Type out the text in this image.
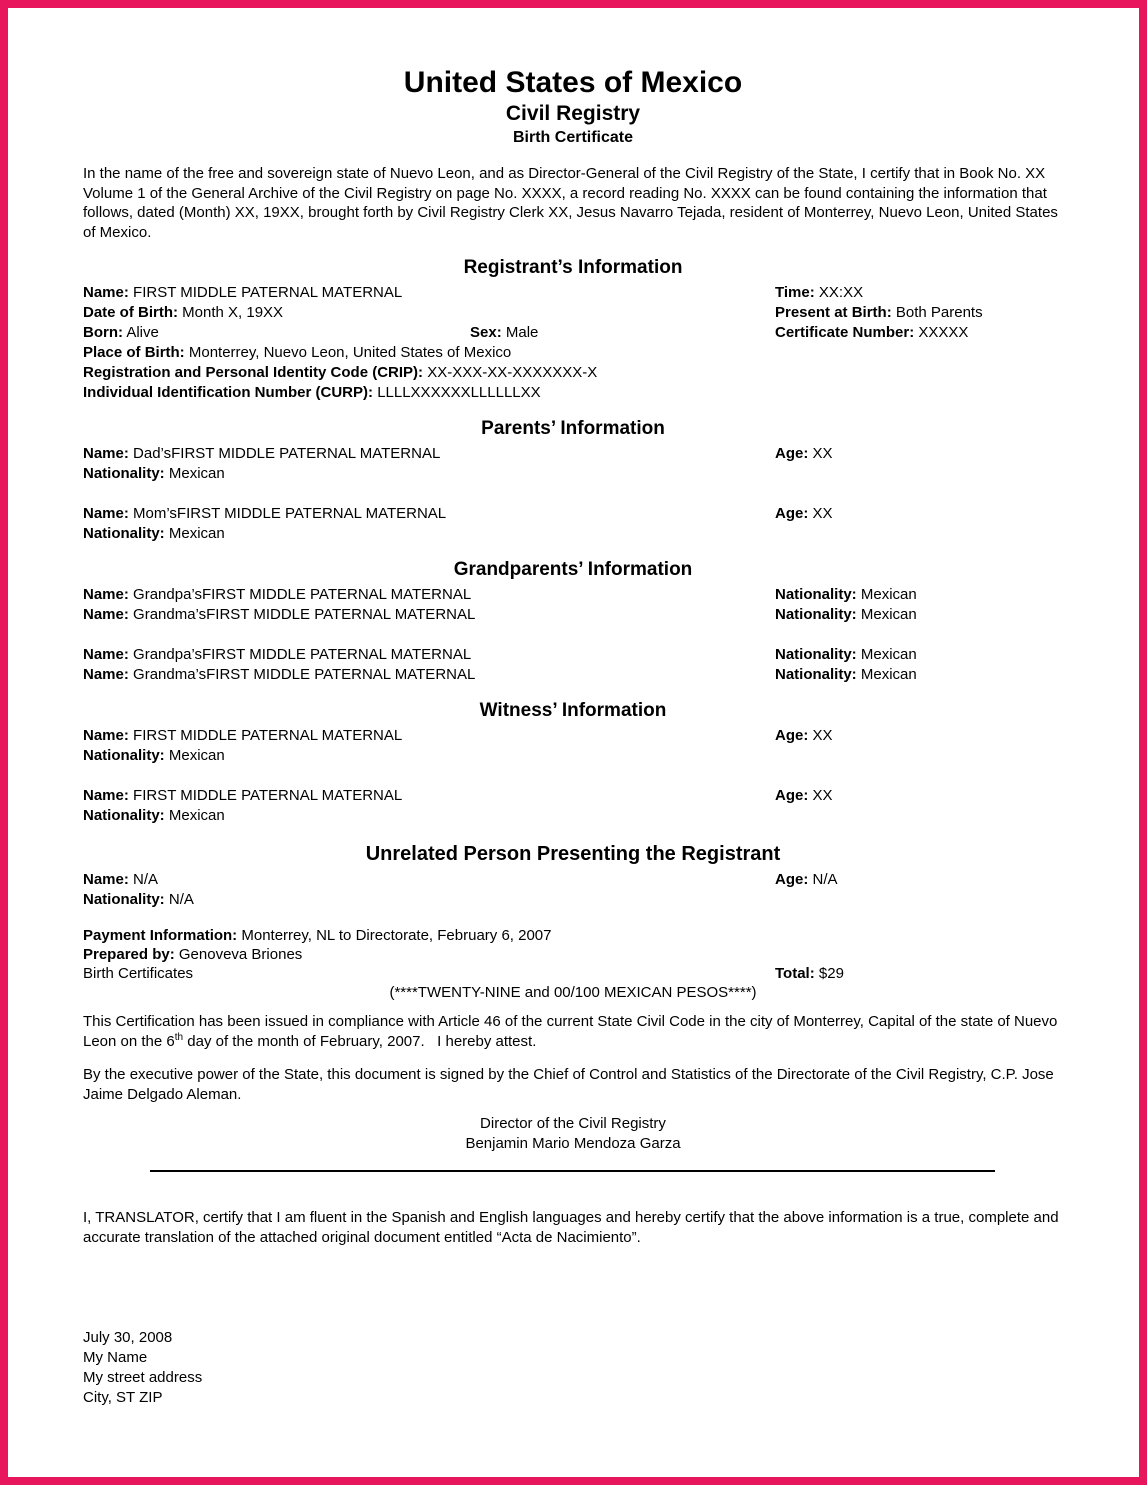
United States of Mexico
Civil Registry
Birth Certificate

In the name of the free and sovereign state of Nuevo Leon, and as Director-General of the Civil Registry of the State, I certify that in Book No. XX Volume 1 of the General Archive of the Civil Registry on page No. XXXX, a record reading No. XXXX can be found containing the information that follows, dated (Month) XX, 19XX, brought forth by Civil Registry Clerk XX, Jesus Navarro Tejada, resident of Monterrey, Nuevo Leon, United States of Mexico.

Registrant’s Information
Name: FIRST MIDDLE PATERNAL MATERNAL	Time: XX:XX
Date of Birth: Month X, 19XX	Present at Birth: Both Parents
Born: Alive	Sex: Male	Certificate Number: XXXXX
Place of Birth: Monterrey, Nuevo Leon, United States of Mexico
Registration and Personal Identity Code (CRIP): XX-XXX-XX-XXXXXXX-X
Individual Identification Number (CURP): LLLLXXXXXXLLLLLLXX
Parents’ Information
Name: Dad’sFIRST MIDDLE PATERNAL MATERNAL	Age: XX
Nationality: Mexican
Name: Mom’sFIRST MIDDLE PATERNAL MATERNAL	Age: XX
Nationality: Mexican
Grandparents’ Information
Name: Grandpa’sFIRST MIDDLE PATERNAL MATERNAL	Nationality: Mexican
Name: Grandma’sFIRST MIDDLE PATERNAL MATERNAL	Nationality: Mexican
Name: Grandpa’sFIRST MIDDLE PATERNAL MATERNAL	Nationality: Mexican
Name: Grandma’sFIRST MIDDLE PATERNAL MATERNAL	Nationality: Mexican
Witness’ Information
Name: FIRST MIDDLE PATERNAL MATERNAL	Age: XX
Nationality: Mexican
Name: FIRST MIDDLE PATERNAL MATERNAL	Age: XX
Nationality: Mexican
Unrelated Person Presenting the Registrant
Name: N/A	Age: N/A
Nationality: N/A
Payment Information: Monterrey, NL to Directorate, February 6, 2007
Prepared by: Genoveva Briones
Birth Certificates	Total: $29
(****TWENTY-NINE and 00/100 MEXICAN PESOS****)

This Certification has been issued in compliance with Article 46 of the current State Civil Code in the city of Monterrey, Capital of the state of Nuevo Leon on the 6th day of the month of February, 2007.   I hereby attest.

By the executive power of the State, this document is signed by the Chief of Control and Statistics of the Directorate of the Civil Registry, C.P. Jose Jaime Delgado Aleman.

Director of the Civil Registry
Benjamin Mario Mendoza Garza

I, TRANSLATOR, certify that I am fluent in the Spanish and English languages and hereby certify that the above information is a true, complete and accurate translation of the attached original document entitled “Acta de Nacimiento”.

July 30, 2008
My Name
My street address
City, ST ZIP
